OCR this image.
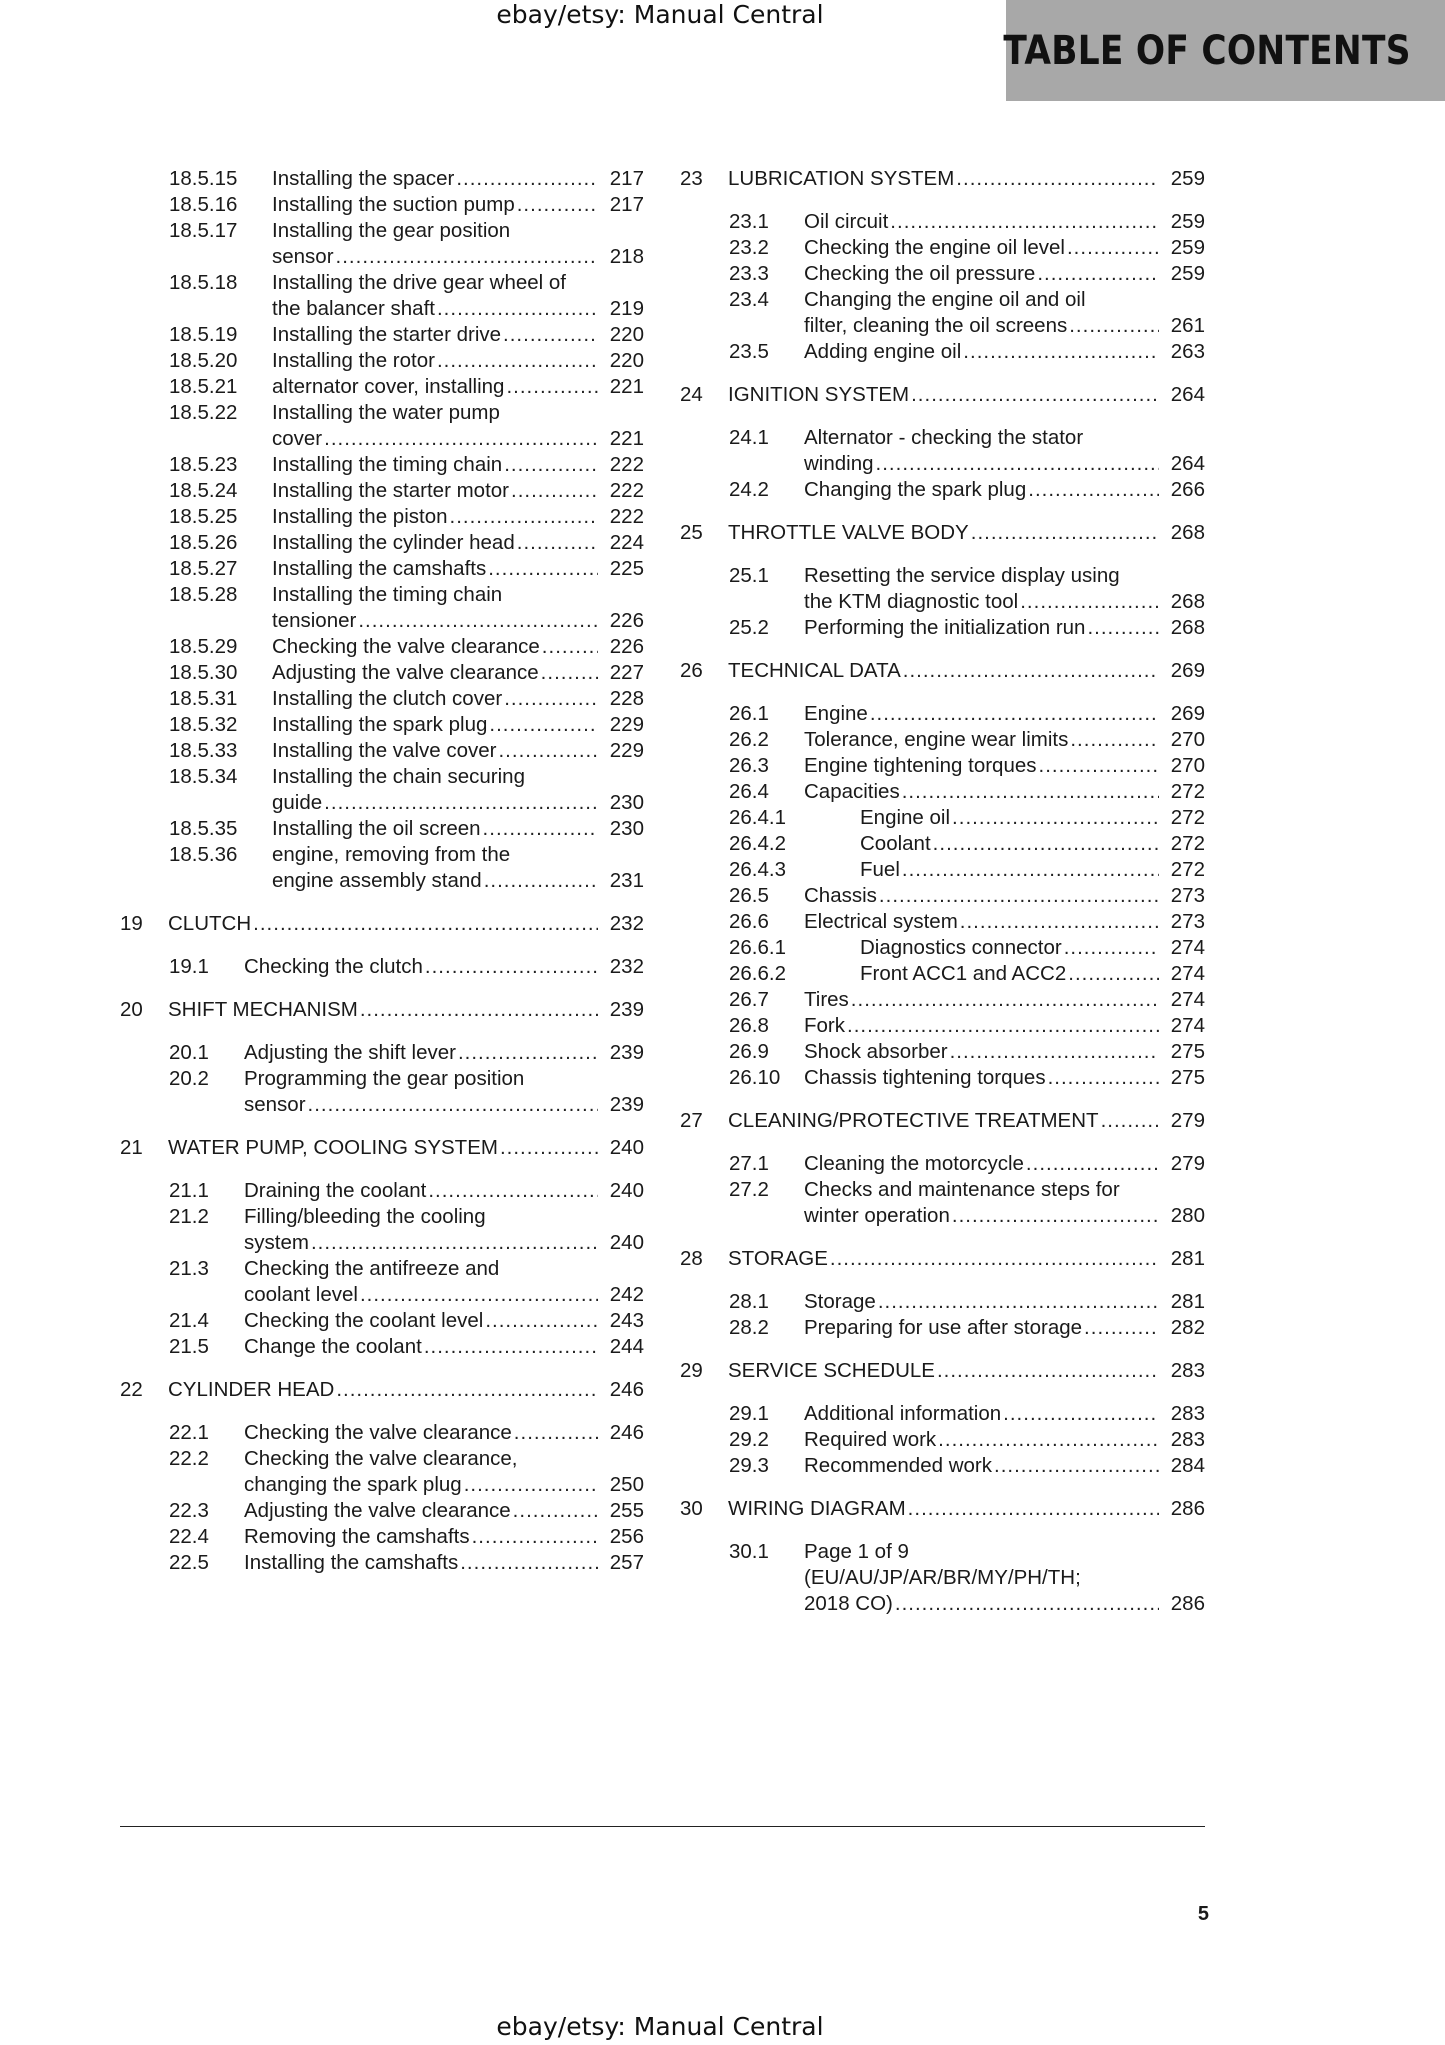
ebay/etsy: Manual Central
TABLE OF CONTENTS
18.5.15	Installing the spacer .....	217
18.5.16	Installing the suction pump .....	217
18.5.17	Installing the gear position
sensor .....	218
18.5.18	Installing the drive gear wheel of
the balancer shaft .....	219
18.5.19	Installing the starter drive .....	220
18.5.20	Installing the rotor .....	220
18.5.21	alternator cover, installing .....	221
18.5.22	Installing the water pump
cover .....	221
18.5.23	Installing the timing chain .....	222
18.5.24	Installing the starter motor .....	222
18.5.25	Installing the piston .....	222
18.5.26	Installing the cylinder head .....	224
18.5.27	Installing the camshafts .....	225
18.5.28	Installing the timing chain
tensioner .....	226
18.5.29	Checking the valve clearance .....	226
18.5.30	Adjusting the valve clearance .....	227
18.5.31	Installing the clutch cover .....	228
18.5.32	Installing the spark plug .....	229
18.5.33	Installing the valve cover .....	229
18.5.34	Installing the chain securing
guide .....	230
18.5.35	Installing the oil screen .....	230
18.5.36	engine, removing from the
engine assembly stand .....	231
19	CLUTCH .....	232
19.1	Checking the clutch .....	232
20	SHIFT MECHANISM .....	239
20.1	Adjusting the shift lever .....	239
20.2	Programming the gear position
sensor .....	239
21	WATER PUMP, COOLING SYSTEM .....	240
21.1	Draining the coolant .....	240
21.2	Filling/bleeding the cooling
system .....	240
21.3	Checking the antifreeze and
coolant level .....	242
21.4	Checking the coolant level .....	243
21.5	Change the coolant .....	244
22	CYLINDER HEAD .....	246
22.1	Checking the valve clearance .....	246
22.2	Checking the valve clearance,
changing the spark plug .....	250
22.3	Adjusting the valve clearance .....	255
22.4	Removing the camshafts .....	256
22.5	Installing the camshafts .....	257
23	LUBRICATION SYSTEM .....	259
23.1	Oil circuit .....	259
23.2	Checking the engine oil level .....	259
23.3	Checking the oil pressure .....	259
23.4	Changing the engine oil and oil
filter, cleaning the oil screens .....	261
23.5	Adding engine oil .....	263
24	IGNITION SYSTEM .....	264
24.1	Alternator - checking the stator
winding .....	264
24.2	Changing the spark plug .....	266
25	THROTTLE VALVE BODY .....	268
25.1	Resetting the service display using
the KTM diagnostic tool .....	268
25.2	Performing the initialization run .....	268
26	TECHNICAL DATA .....	269
26.1	Engine .....	269
26.2	Tolerance, engine wear limits .....	270
26.3	Engine tightening torques .....	270
26.4	Capacities .....	272
26.4.1	Engine oil .....	272
26.4.2	Coolant .....	272
26.4.3	Fuel .....	272
26.5	Chassis .....	273
26.6	Electrical system .....	273
26.6.1	Diagnostics connector .....	274
26.6.2	Front ACC1 and ACC2 .....	274
26.7	Tires .....	274
26.8	Fork .....	274
26.9	Shock absorber .....	275
26.10	Chassis tightening torques .....	275
27	CLEANING/PROTECTIVE TREATMENT .....	279
27.1	Cleaning the motorcycle .....	279
27.2	Checks and maintenance steps for
winter operation .....	280
28	STORAGE .....	281
28.1	Storage .....	281
28.2	Preparing for use after storage .....	282
29	SERVICE SCHEDULE .....	283
29.1	Additional information .....	283
29.2	Required work .....	283
29.3	Recommended work .....	284
30	WIRING DIAGRAM .....	286
30.1	Page 1 of 9
(EU/AU/JP/AR/BR/MY/PH/TH;
2018 CO) .....	286
5
ebay/etsy: Manual Central
